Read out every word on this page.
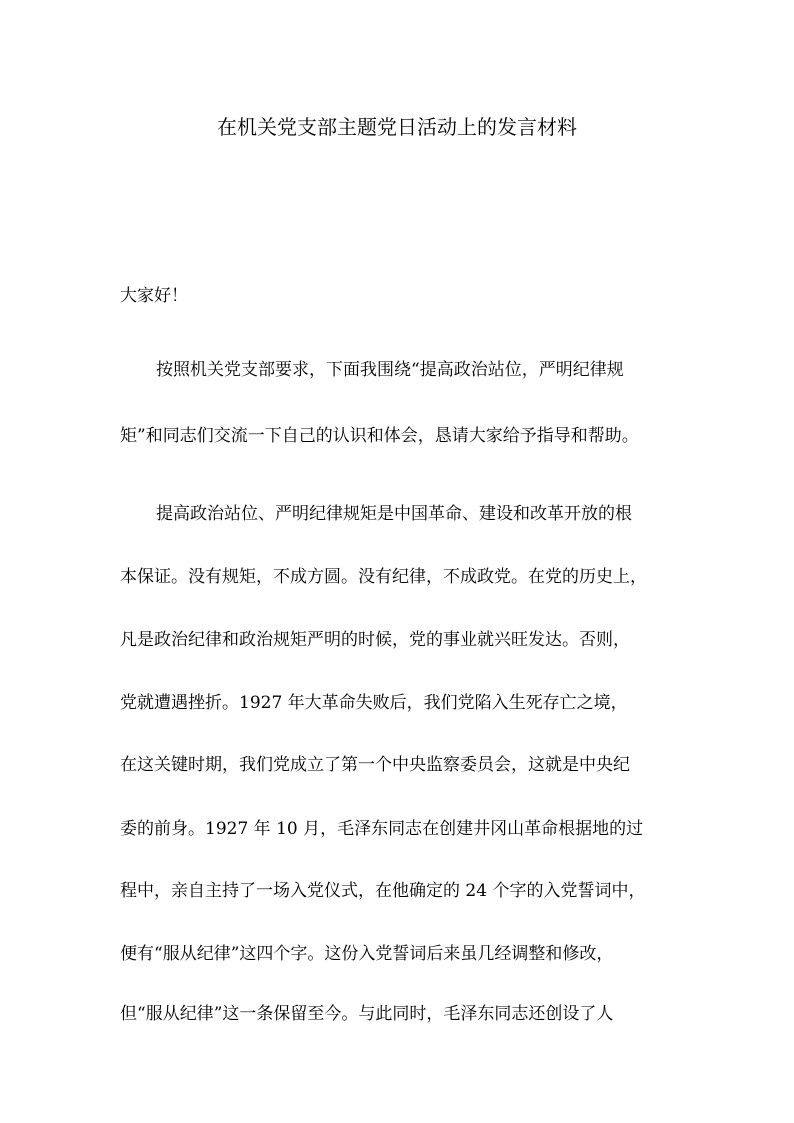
在机关党支部主题党日活动上的发言材料

大家好！

按照机关党支部要求，下面我围绕“提高政治站位，严明纪律规

矩”和同志们交流一下自己的认识和体会，恳请大家给予指导和帮助。

提高政治站位、严明纪律规矩是中国革命、建设和改革开放的根

本保证。没有规矩，不成方圆。没有纪律，不成政党。在党的历史上，

凡是政治纪律和政治规矩严明的时候，党的事业就兴旺发达。否则，

党就遭遇挫折。1927 年大革命失败后，我们党陷入生死存亡之境，

在这关键时期，我们党成立了第一个中央监察委员会，这就是中央纪

委的前身。1927 年 10 月，毛泽东同志在创建井冈山革命根据地的过

程中，亲自主持了一场入党仪式，在他确定的 24 个字的入党誓词中，

便有“服从纪律”这四个字。这份入党誓词后来虽几经调整和修改，

但“服从纪律”这一条保留至今。与此同时，毛泽东同志还创设了人
